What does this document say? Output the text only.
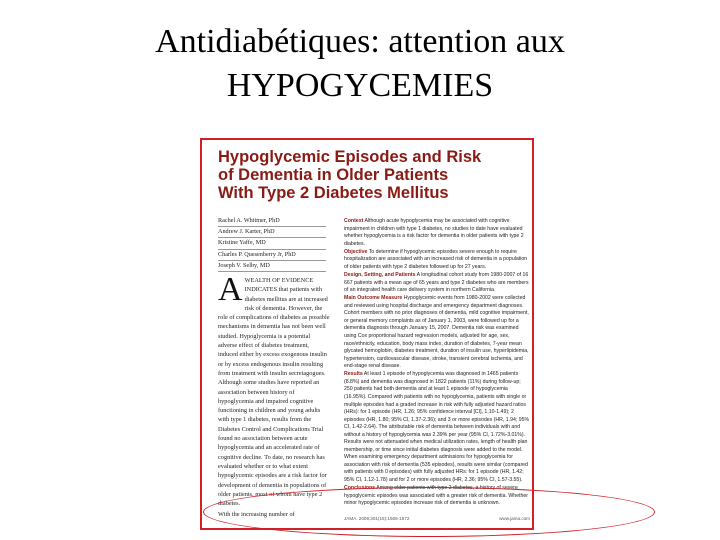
Antidiabétiques: attention aux
HYPOGYCEMIES
Hypoglycemic Episodes and Risk
of Dementia in Older Patients
With Type 2 Diabetes Mellitus
Rachel A. Whitmer, PhD
Andrew J. Karter, PhD
Kristine Yaffe, MD
Charles P. Quesenberry Jr, PhD
Joseph V. Selby, MD
AWEALTH OF EVIDENCE INDICATES that patients with diabetes mellitus are at increased risk of dementia. However, the role of complications of diabetes as possible mechanisms in dementia has not been well studied. Hypoglycemia is a potential adverse effect of diabetes treatment, induced either by excess exogenous insulin or by excess endogenous insulin resulting from treatment with insulin secretagogues. Although some studies have reported an association between history of hypoglycemia and impaired cognitive functioning in children and young adults with type 1 diabetes, results from the Diabetes Control and Complications Trial found no association between acute hypoglycemia and an accelerated rate of cognitive decline. To date, no research has evaluated whether or to what extent hypoglycemic episodes are a risk factor for development of dementia in populations of older patients, most of whom have type 2 diabetes.
With the increasing number of
Context Although acute hypoglycemia may be associated with cognitive impairment in children with type 1 diabetes, no studies to date have evaluated whether hypoglycemia is a risk factor for dementia in older patients with type 2 diabetes.
Objective To determine if hypoglycemic episodes severe enough to require hospitalization are associated with an increased risk of dementia in a population of older patients with type 2 diabetes followed up for 27 years.
Design, Setting, and Patients A longitudinal cohort study from 1980-2007 of 16 667 patients with a mean age of 65 years and type 2 diabetes who are members of an integrated health care delivery system in northern California.
Main Outcome Measure Hypoglycemic events from 1980-2002 were collected and reviewed using hospital discharge and emergency department diagnoses. Cohort members with no prior diagnoses of dementia, mild cognitive impairment, or general memory complaints as of January 1, 2003, were followed up for a dementia diagnosis through January 15, 2007. Dementia risk was examined using Cox proportional hazard regression models, adjusted for age, sex, race/ethnicity, education, body mass index, duration of diabetes, 7-year mean glycated hemoglobin, diabetes treatment, duration of insulin use, hyperlipidemia, hypertension, cardiovascular disease, stroke, transient cerebral ischemia, and end-stage renal disease.
Results At least 1 episode of hypoglycemia was diagnosed in 1465 patients (8.8%) and dementia was diagnosed in 1822 patients (11%) during follow-up; 250 patients had both dementia and at least 1 episode of hypoglycemia (16.95%). Compared with patients with no hypoglycemia, patients with single or multiple episodes had a graded increase in risk with fully adjusted hazard ratios (HRs): for 1 episode (HR, 1.26; 95% confidence interval [CI], 1.10-1.49); 2 episodes (HR, 1.80; 95% CI, 1.37-2.36); and 3 or more episodes (HR, 1.94; 95% CI, 1.42-2.64). The attributable risk of dementia between individuals with and without a history of hypoglycemia was 2.39% per year (95% CI, 1.72%-3.01%). Results were not attenuated when medical utilization rates, length of health plan membership, or time since initial diabetes diagnosis were added to the model. When examining emergency department admissions for hypoglycemia for association with risk of dementia (535 episodes), results were similar (compared with patients with 0 episodes) with fully adjusted HRs: for 1 episode (HR, 1.42; 95% CI, 1.12-1.78) and for 2 or more episodes (HR, 2.36; 95% CI, 1.57-3.55).
Conclusions Among older patients with type 2 diabetes, a history of severe hypoglycemic episodes was associated with a greater risk of dementia. Whether minor hypoglycemic episodes increase risk of dementia is unknown.
JAMA. 2009;301(15):1565-1572	www.jama.com
